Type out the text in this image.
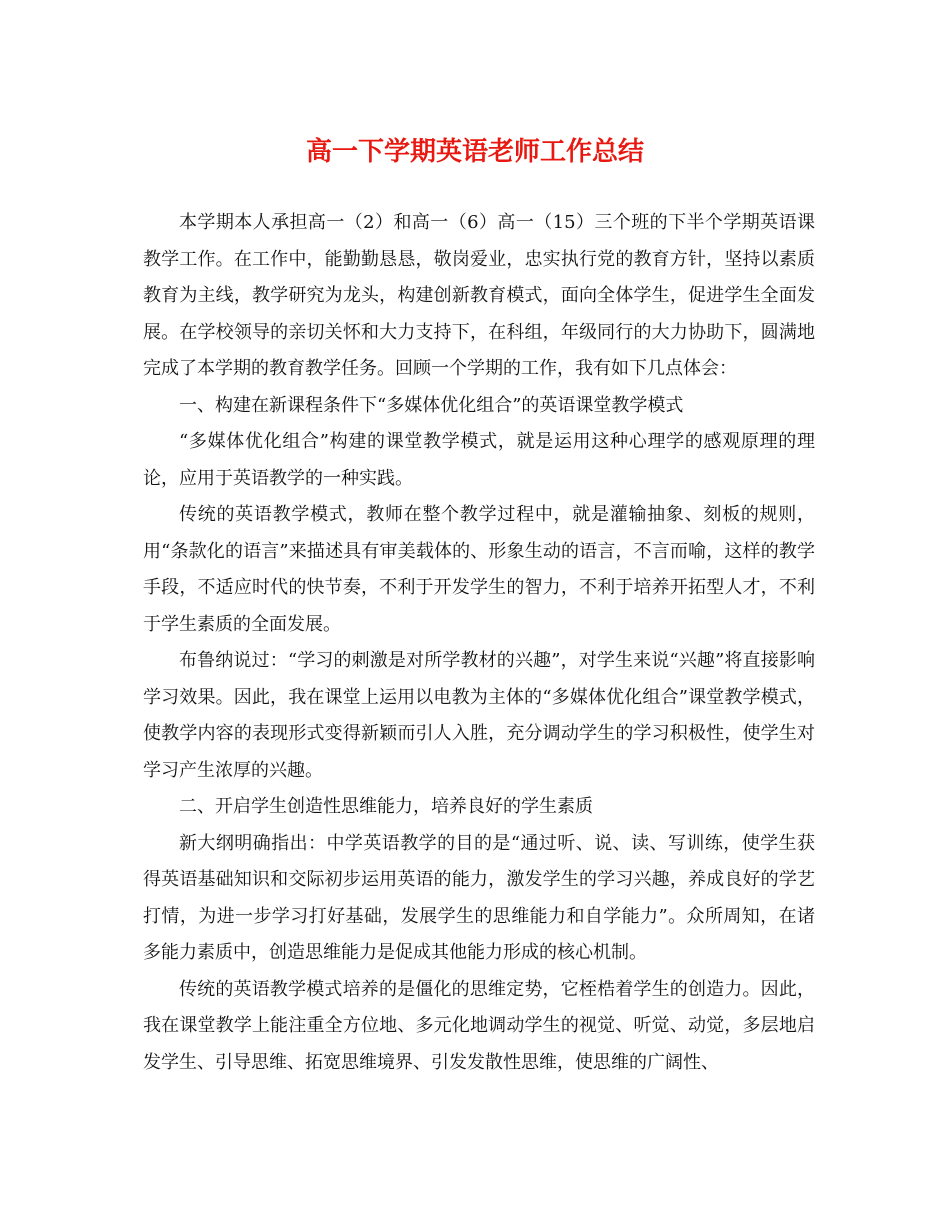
高一下学期英语老师工作总结

本学期本人承担高一（2）和高一（6）高一（15）三个班的下半个学期英语课教学工作。在工作中，能勤勤恳恳，敬岗爱业，忠实执行党的教育方针，坚持以素质教育为主线，教学研究为龙头，构建创新教育模式，面向全体学生，促进学生全面发展。在学校领导的亲切关怀和大力支持下，在科组，年级同行的大力协助下，圆满地完成了本学期的教育教学任务。回顾一个学期的工作，我有如下几点体会：

一、构建在新课程条件下“多媒体优化组合”的英语课堂教学模式

“多媒体优化组合”构建的课堂教学模式，就是运用这种心理学的感观原理的理论，应用于英语教学的一种实践。

传统的英语教学模式，教师在整个教学过程中，就是灌输抽象、刻板的规则，用“条款化的语言”来描述具有审美载体的、形象生动的语言，不言而喻，这样的教学手段，不适应时代的快节奏，不利于开发学生的智力，不利于培养开拓型人才，不利于学生素质的全面发展。

布鲁纳说过：“学习的刺激是对所学教材的兴趣”，对学生来说“兴趣”将直接影响学习效果。因此，我在课堂上运用以电教为主体的“多媒体优化组合”课堂教学模式，使教学内容的表现形式变得新颖而引人入胜，充分调动学生的学习积极性，使学生对学习产生浓厚的兴趣。

二、开启学生创造性思维能力，培养良好的学生素质

新大纲明确指出：中学英语教学的目的是“通过听、说、读、写训练，使学生获得英语基础知识和交际初步运用英语的能力，激发学生的学习兴趣，养成良好的学艺打情，为进一步学习打好基础，发展学生的思维能力和自学能力”。众所周知，在诸多能力素质中，创造思维能力是促成其他能力形成的核心机制。

传统的英语教学模式培养的是僵化的思维定势，它桎梏着学生的创造力。因此，我在课堂教学上能注重全方位地、多元化地调动学生的视觉、听觉、动觉，多层地启发学生、引导思维、拓宽思维境界、引发发散性思维，使思维的广阔性、
